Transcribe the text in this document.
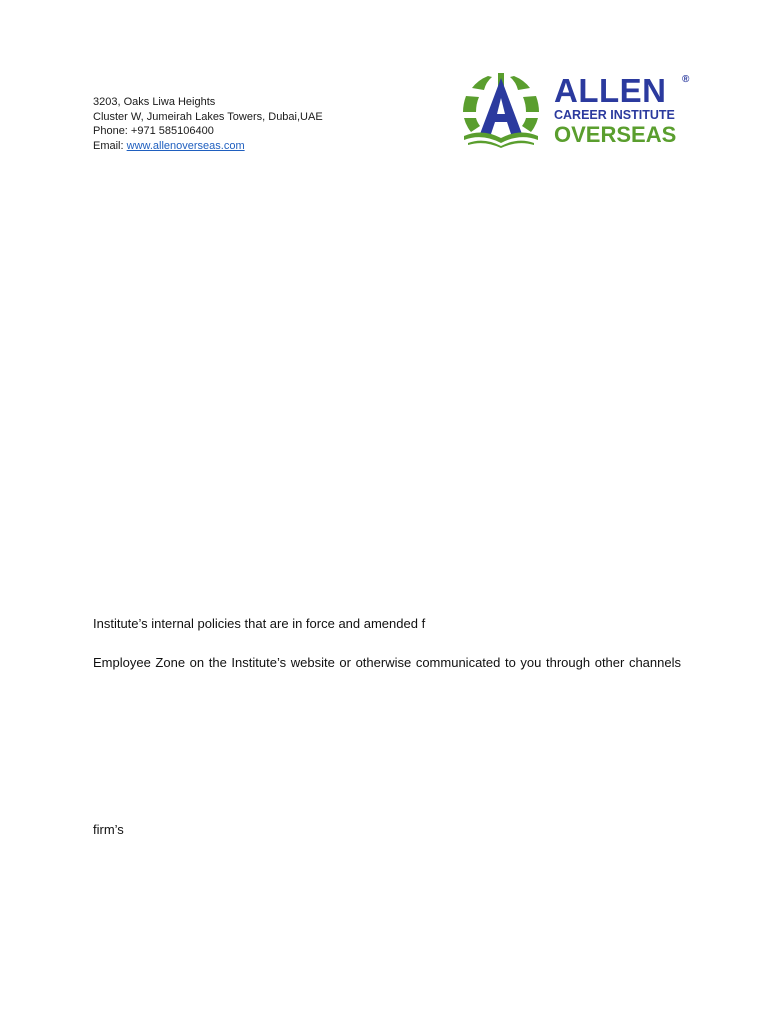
3203, Oaks Liwa Heights
Cluster W, Jumeirah Lakes Towers, Dubai,UAE
Phone: +971 585106400
Email: www.allenoverseas.com
ALLEN	®
CAREER INSTITUTE
OVERSEAS
Institute’s internal policies that are in force and amended f
Employee Zone on the Institute’s website or otherwise communicated to you through other channels
firm’s
